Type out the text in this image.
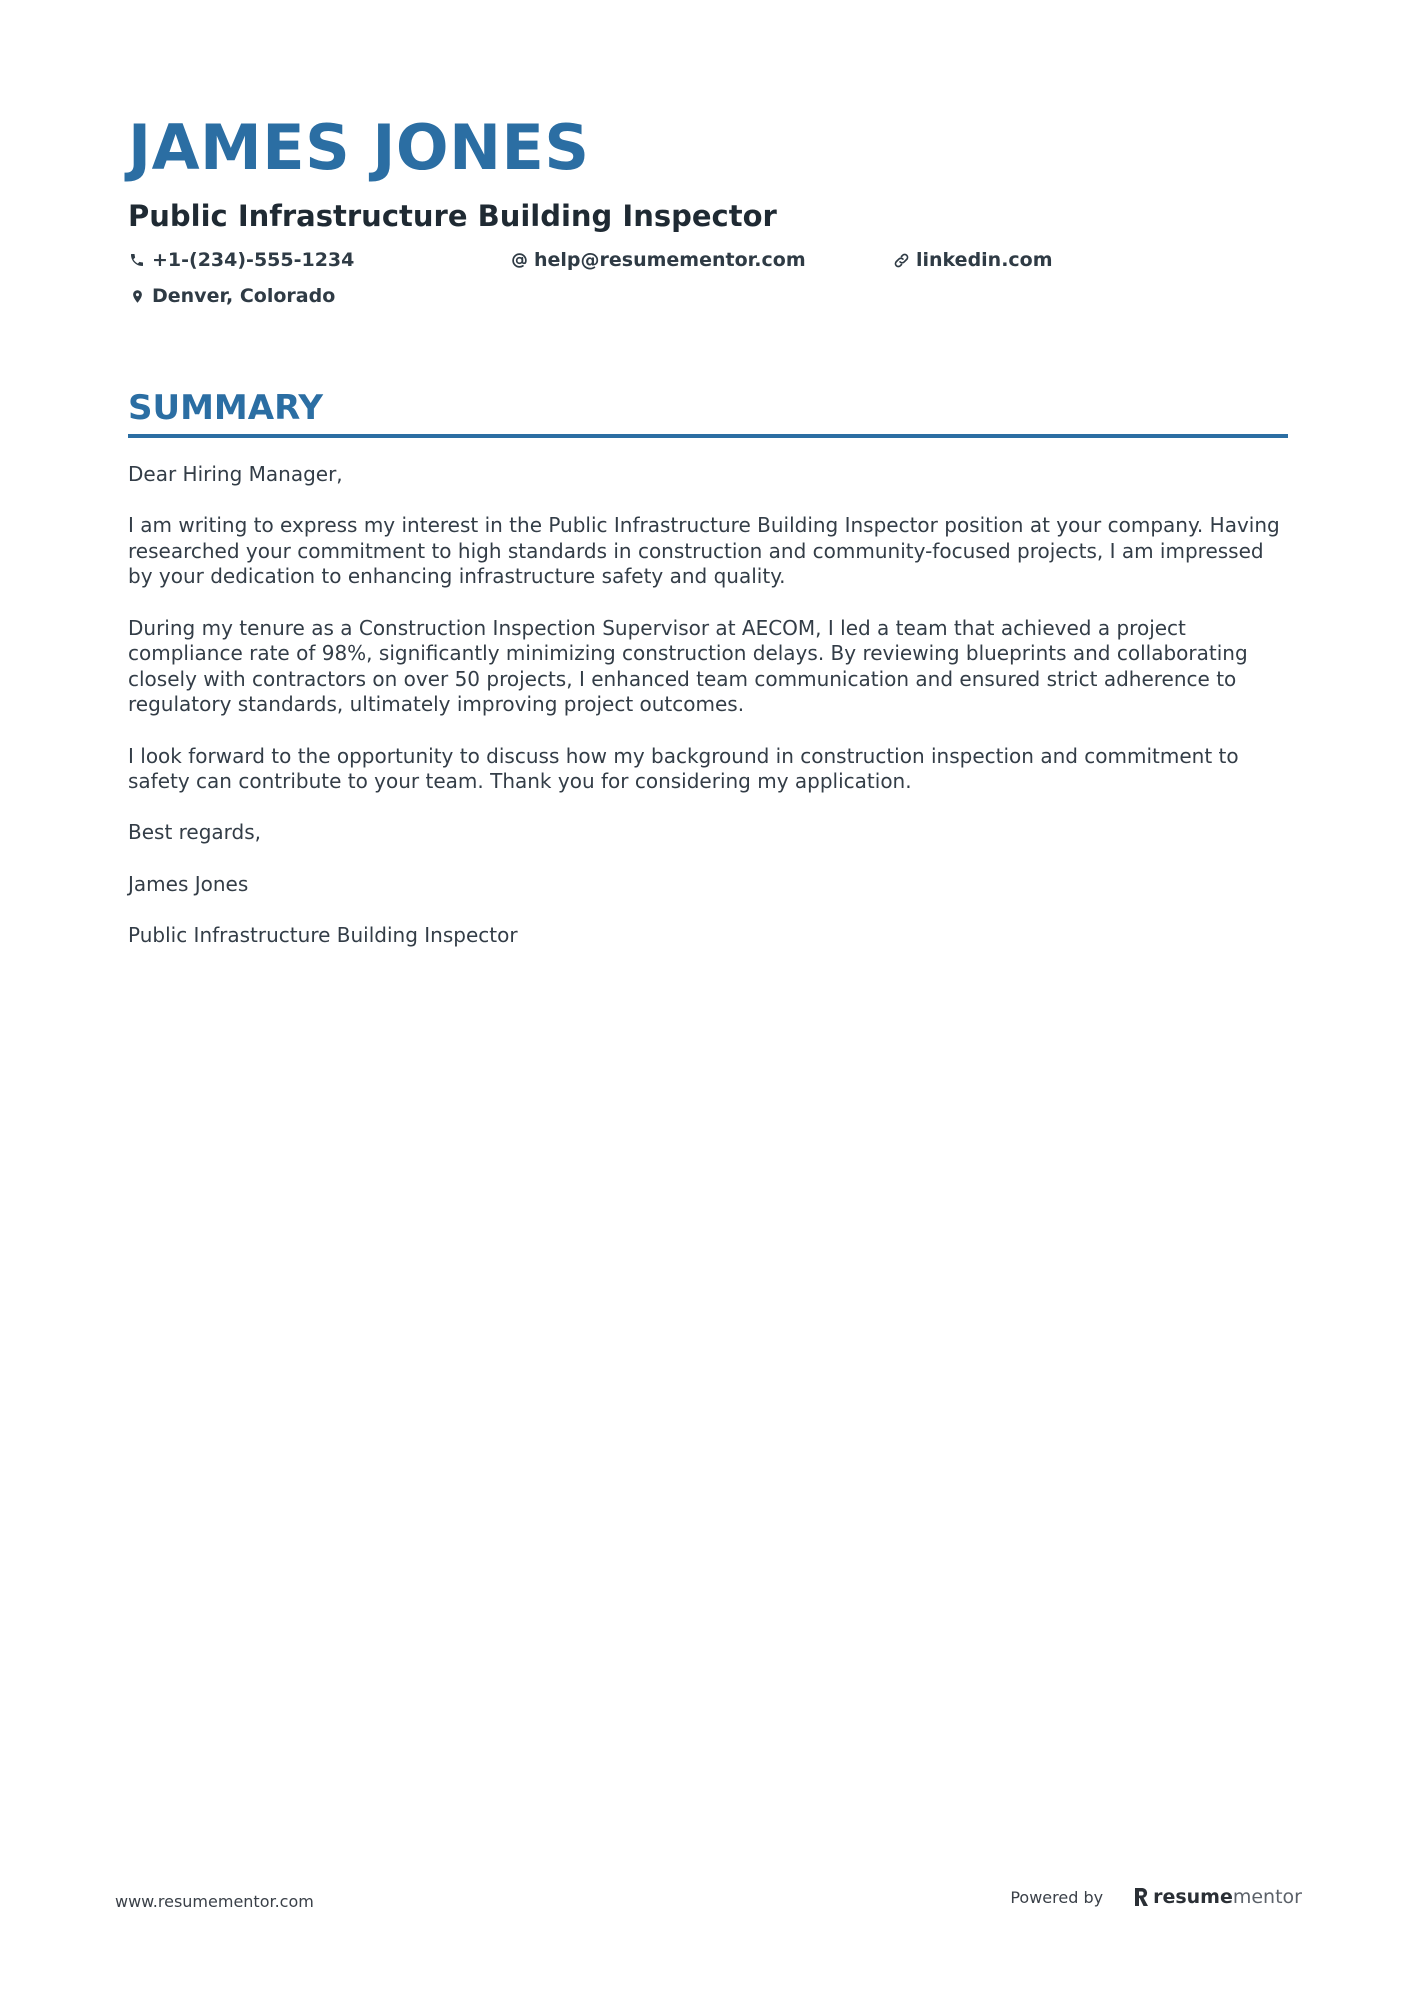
JAMES JONES
Public Infrastructure Building Inspector
+1-(234)-555-1234	help@resumementor.com	linkedin.com
Denver, Colorado
SUMMARY

Dear Hiring Manager,

I am writing to express my interest in the Public Infrastructure Building Inspector position at your company. Having researched your commitment to high standards in construction and community-focused projects, I am impressed by your dedication to enhancing infrastructure safety and quality.

During my tenure as a Construction Inspection Supervisor at AECOM, I led a team that achieved a project compliance rate of 98%, significantly minimizing construction delays. By reviewing blueprints and collaborating closely with contractors on over 50 projects, I enhanced team communication and ensured strict adherence to regulatory standards, ultimately improving project outcomes.

I look forward to the opportunity to discuss how my background in construction inspection and commitment to safety can contribute to your team. Thank you for considering my application.

Best regards,

James Jones

Public Infrastructure Building Inspector

www.resumementor.com	Powered by	resume mentor
